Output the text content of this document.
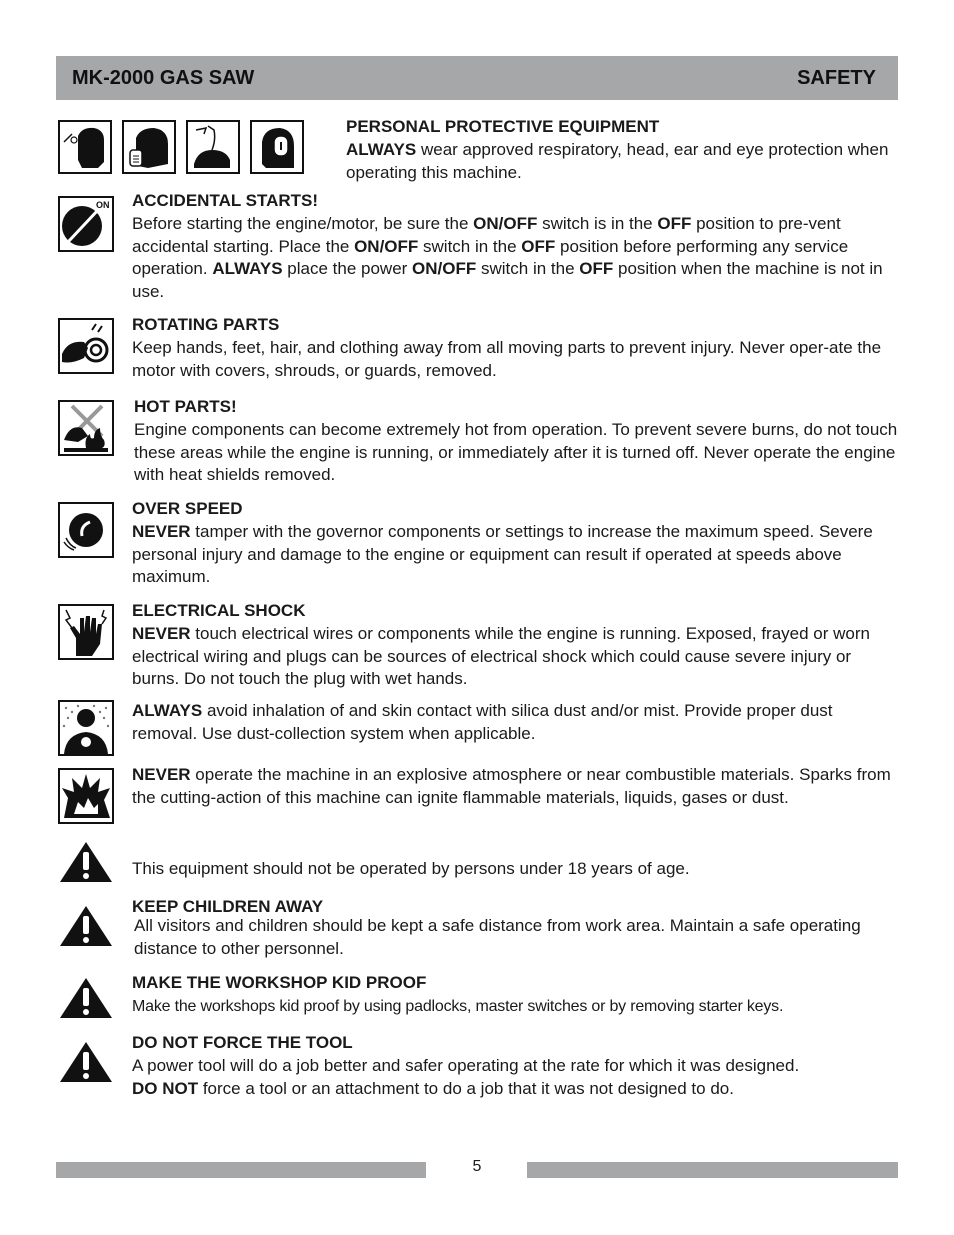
MK-2000 GAS SAW	SAFETY
PERSONAL PROTECTIVE EQUIPMENT
ALWAYS wear approved respiratory, head, ear and eye protection when operating this machine.
ON ACCIDENTAL STARTS!
Before starting the engine/motor, be sure the ON/OFF switch is in the OFF position to pre-vent accidental starting. Place the ON/OFF switch in the OFF position before performing any service operation. ALWAYS place the power ON/OFF switch in the OFF position when the machine is not in use.
ROTATING PARTS
Keep hands, feet, hair, and clothing away from all moving parts to prevent injury. Never oper-ate the motor with covers, shrouds, or guards, removed.
HOT PARTS!
Engine components can become extremely hot from operation. To prevent severe burns, do not touch these areas while the engine is running, or immediately after it is turned off. Never operate the engine with heat shields removed.
OVER SPEED
NEVER tamper with the governor components or settings to increase the maximum speed. Severe personal injury and damage to the engine or equipment can result if operated at speeds above maximum.
ELECTRICAL SHOCK
NEVER touch electrical wires or components while the engine is running. Exposed, frayed or worn electrical wiring and plugs can be sources of electrical shock which could cause severe injury or burns. Do not touch the plug with wet hands.
ALWAYS avoid inhalation of and skin contact with silica dust and/or mist. Provide proper dust removal. Use dust-collection system when applicable.
NEVER operate the machine in an explosive atmosphere or near combustible materials. Sparks from the cutting-action of this machine can ignite flammable materials, liquids, gases or dust.
This equipment should not be operated by persons under 18 years of age.
KEEP CHILDREN AWAY
All visitors and children should be kept a safe distance from work area. Maintain a safe operating distance to other personnel.
MAKE THE WORKSHOP KID PROOF
Make the workshops kid proof by using padlocks, master switches or by removing starter keys.
DO NOT FORCE THE TOOL
A power tool will do a job better and safer operating at the rate for which it was designed.
DO NOT force a tool or an attachment to do a job that it was not designed to do.
5
